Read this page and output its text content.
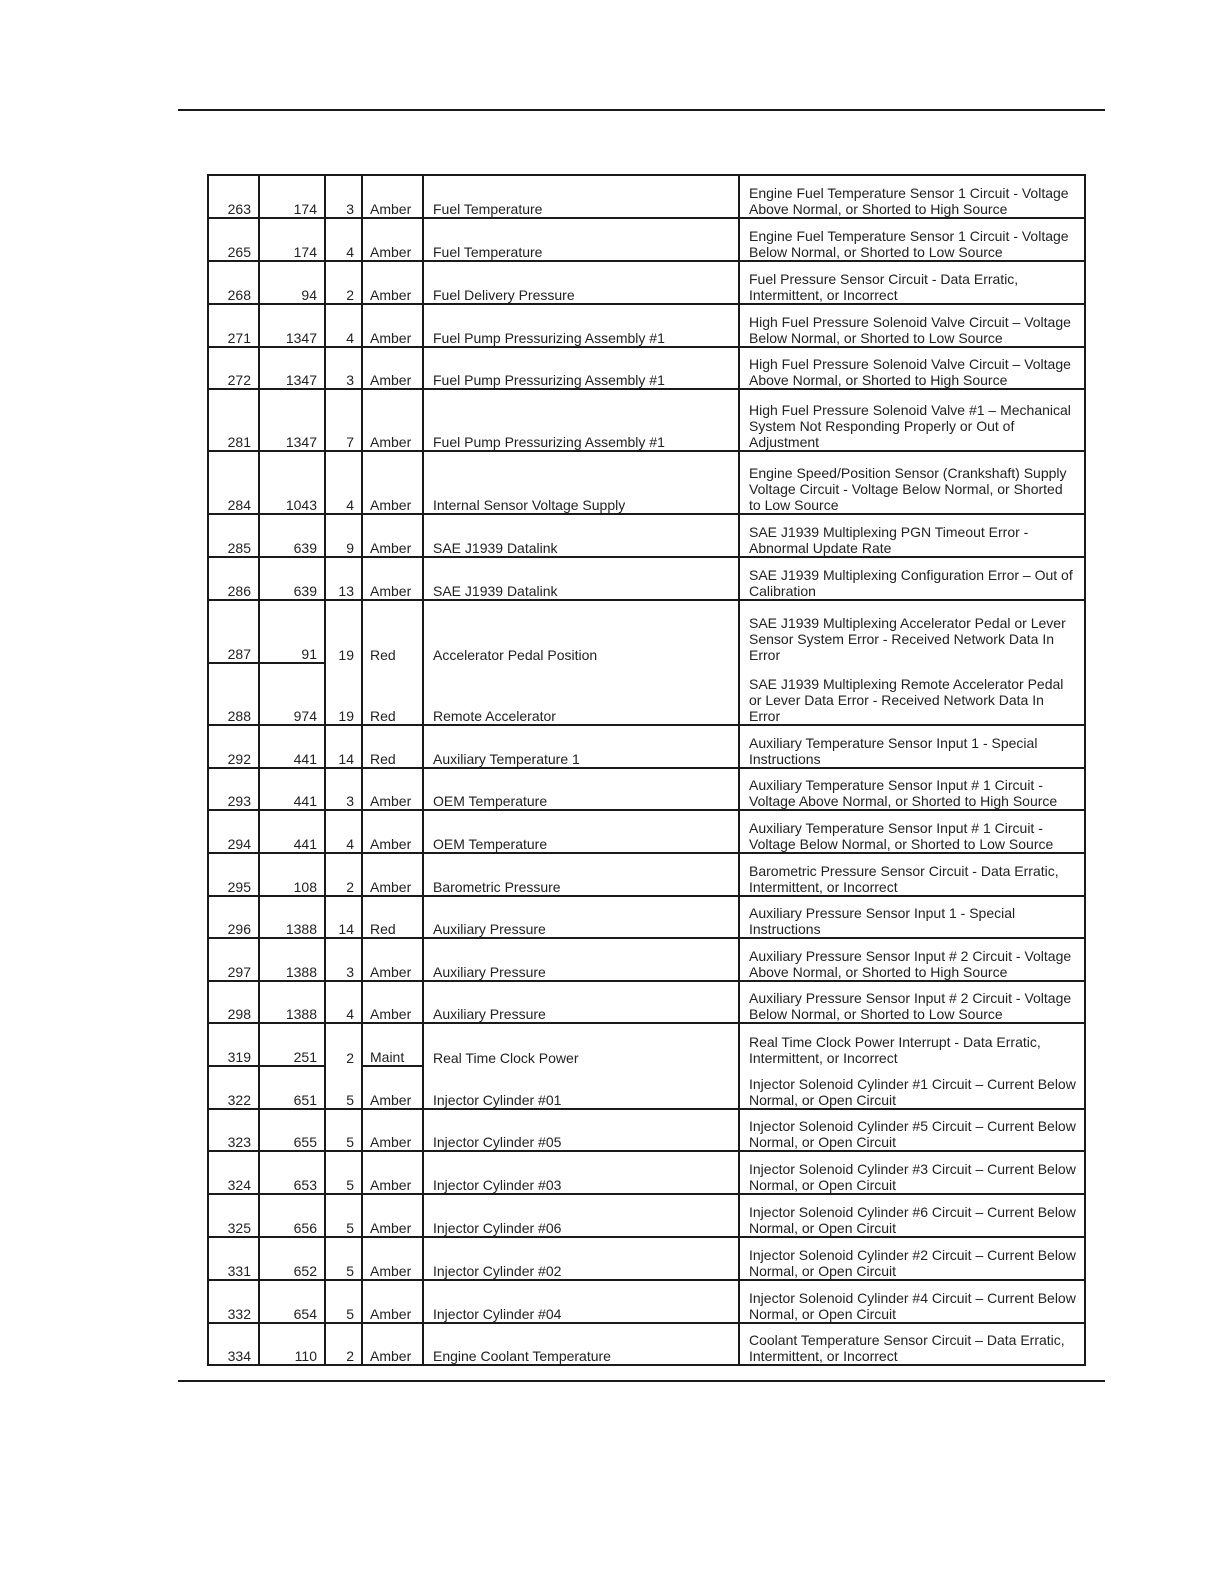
263	174	3	Amber	Fuel Temperature	Engine Fuel Temperature Sensor 1 Circuit - Voltage Above Normal, or Shorted to High Source
265	174	4	Amber	Fuel Temperature	Engine Fuel Temperature Sensor 1 Circuit - Voltage Below Normal, or Shorted to Low Source
268	94	2	Amber	Fuel Delivery Pressure	Fuel Pressure Sensor Circuit - Data Erratic, Intermittent, or Incorrect
271	1347	4	Amber	Fuel Pump Pressurizing Assembly #1	High Fuel Pressure Solenoid Valve Circuit – Voltage Below Normal, or Shorted to Low Source
272	1347	3	Amber	Fuel Pump Pressurizing Assembly #1	High Fuel Pressure Solenoid Valve Circuit – Voltage Above Normal, or Shorted to High Source
281	1347	7	Amber	Fuel Pump Pressurizing Assembly #1	High Fuel Pressure Solenoid Valve #1 – Mechanical System Not Responding Properly or Out of Adjustment
284	1043	4	Amber	Internal Sensor Voltage Supply	Engine Speed/Position Sensor (Crankshaft) Supply Voltage Circuit - Voltage Below Normal, or Shorted to Low Source
285	639	9	Amber	SAE J1939 Datalink	SAE J1939 Multiplexing PGN Timeout Error - Abnormal Update Rate
286	639	13	Amber	SAE J1939 Datalink	SAE J1939 Multiplexing Configuration Error – Out of Calibration
287	91	19	Red	Accelerator Pedal Position	SAE J1939 Multiplexing Accelerator Pedal or Lever Sensor System Error - Received Network Data In Error
288	974	19	Red	Remote Accelerator	SAE J1939 Multiplexing Remote Accelerator Pedal or Lever Data Error - Received Network Data In Error
292	441	14	Red	Auxiliary Temperature 1	Auxiliary Temperature Sensor Input 1 - Special Instructions
293	441	3	Amber	OEM Temperature	Auxiliary Temperature Sensor Input # 1 Circuit - Voltage Above Normal, or Shorted to High Source
294	441	4	Amber	OEM Temperature	Auxiliary Temperature Sensor Input # 1 Circuit - Voltage Below Normal, or Shorted to Low Source
295	108	2	Amber	Barometric Pressure	Barometric Pressure Sensor Circuit - Data Erratic, Intermittent, or Incorrect
296	1388	14	Red	Auxiliary Pressure	Auxiliary Pressure Sensor Input 1 - Special Instructions
297	1388	3	Amber	Auxiliary Pressure	Auxiliary Pressure Sensor Input # 2 Circuit - Voltage Above Normal, or Shorted to High Source
298	1388	4	Amber	Auxiliary Pressure	Auxiliary Pressure Sensor Input # 2 Circuit - Voltage Below Normal, or Shorted to Low Source
319	251	2	Maint	Real Time Clock Power	Real Time Clock Power Interrupt - Data Erratic, Intermittent, or Incorrect
322	651	5	Amber	Injector Cylinder #01	Injector Solenoid Cylinder #1 Circuit – Current Below Normal, or Open Circuit
323	655	5	Amber	Injector Cylinder #05	Injector Solenoid Cylinder #5 Circuit – Current Below Normal, or Open Circuit
324	653	5	Amber	Injector Cylinder #03	Injector Solenoid Cylinder #3 Circuit – Current Below Normal, or Open Circuit
325	656	5	Amber	Injector Cylinder #06	Injector Solenoid Cylinder #6 Circuit – Current Below Normal, or Open Circuit
331	652	5	Amber	Injector Cylinder #02	Injector Solenoid Cylinder #2 Circuit – Current Below Normal, or Open Circuit
332	654	5	Amber	Injector Cylinder #04	Injector Solenoid Cylinder #4 Circuit – Current Below Normal, or Open Circuit
334	110	2	Amber	Engine Coolant Temperature	Coolant Temperature Sensor Circuit – Data Erratic, Intermittent, or Incorrect
